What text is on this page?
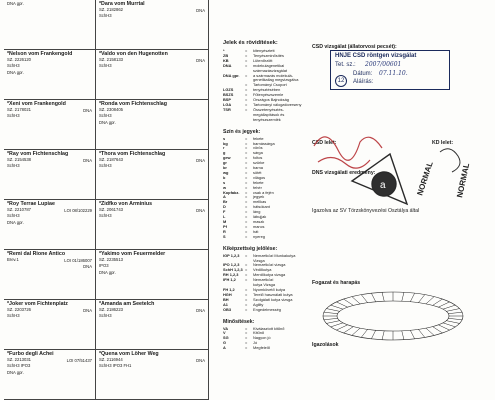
DNA gpr.	*Dara vom Murrtal
SZ. 2182862
SchH3
DNA
*Nelson vom Frankengold
SZ. 2226120
SchH3
DNA gpr.
*Valdo von den Hugenotten
SZ. 2158133
SchH3
DNA
*Xeni vom Frankengold
SZ. 2178021
SchH3
DNA
*Ronda vom Fichtenschlag
SZ. 2308405
SchH3
DNA gpr.
*Ray vom Fichtenschlag
SZ. 2154538
SchH3
DNA
*Thora vom Fichtenschlag
SZ. 2187643
SchH3
DNA
*Roy Terrae Lupiae
SZ. 2210787
SchH3
DNA gpr.
LOI 08/102229
*Zidfko von Arminius
SZ. 2061743
SchH3
DNA
*Remi dal Rione Antico
Brev.1	LOI 01/186007
DNA
*Yakimo vom Feuermelder
SZ. 2235513
IPO3
DNA gpr.
*Joker vom Fichtenplatz
SZ. 2203726
SchH3
DNA
*Amanda am Seetelch
SZ. 2186223
SchH3
DNA
*Furbo degli Achei
SZ. 2213031
SchH3 IPO3
DNA gpr.
LOI 07/51437
*Quena vom Löher Weg
SZ. 2116944
SchH3 IPO3 FH1
DNA
Jelek és rövidítések:
*	=	kitenyésztett
ZB	=	Tenyészminősítés
KB	=	Lütenőrzött
DNA	=	molekulagenetikai
származásvizsgálat
DNA gpr.	=	a származás molekulá-
genetikailag megvizsgálva
=	Tartományi Csoport
LGZS	=	tenyésztésében
BSZS	=	Fűtenyészszemle
BSP	=	Országos Bajnokság
LGA	=	Tartományi válogatóverseny
TSR	=	Összetenyésztés-
megállapítások és
tenyészszemlék
Szín és jegyek:
s	=	fekete
bg	=	barnássárga
r	=	vörös
g	=	sárga
gew	=	foltos
gr	=	szürke
br	=	barna
wg	=	sötét
b	=	világos
s	=	fekete
w	=	fehér
Kopfabz.	=	csak a fején
A	=	jegyek
Br	=	mellkas
D	=	hátsókant
F	=	láng
L	=	lábujjak
M	=	maszk
Pf	=	mancs
R	=	hát
S	=	nyereg
Kiképzettség jelölése:
IGP 1,2,3	=	Nemzetközi Munkakutya
Vizsga
IPO 1,2,3	=	Nemzetközi vizsga
SchH 1,2,3 =	Védőkutya
RH 1,2,3	=	Mentőkutya vizsga
IFH 1,2	=	Nemzetközi
kutya Vizsga
FH 1,2	=	Nyomkövető kutya
HGH	=	Terelő használati kutya
BH	=	Szolgálati kutya vizsga
A1	=	Agility
OB3	=	Engedelmesség
Minősítések:
VA	=	Kiválasztott kitűnő
V	=	Kitűnő
SG	=	Nagyon jó
G	=	Jó
A	=	Megfelelő
CSD vizsgálat (állatorvosi pecsét):
HNJE CSD röntgen vizsgálat
Tet. sz.: 2007/00601
Dátum: 07.11.10.
12	Aláírás:
CSD lelet:	KD lelet:
a	NORMAL	NORMAL
DNS vizsgálati eredmény:
Igazolva az SV Törzskönyvezési Osztálya által
Fogazat és harapás
Igazolások
